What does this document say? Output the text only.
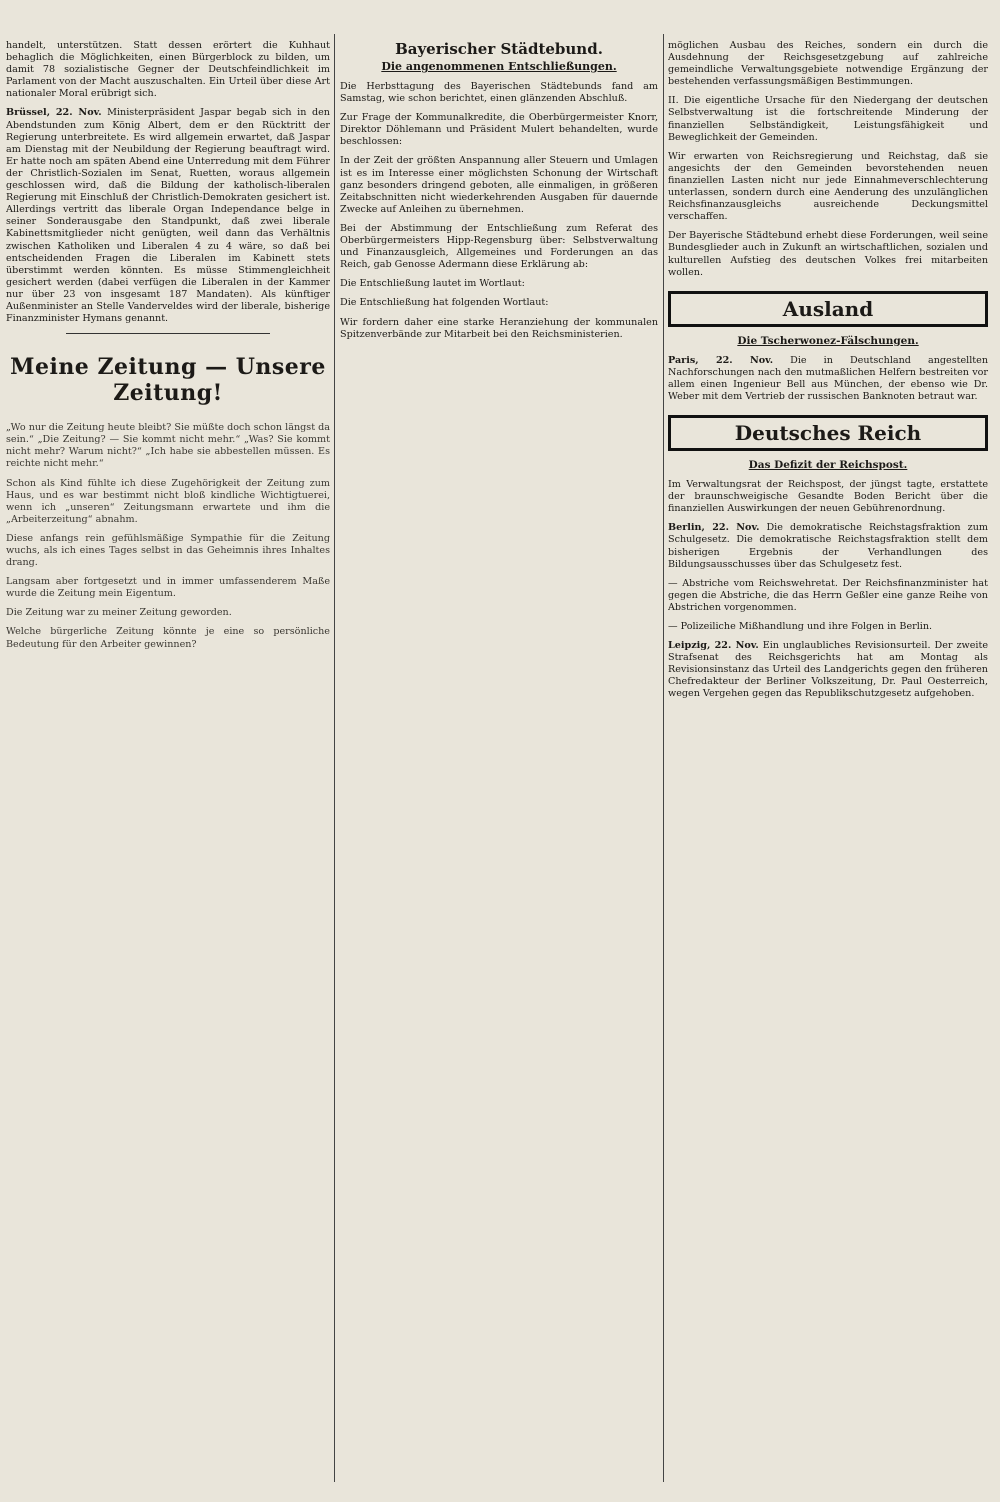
handelt, unterstützen. Statt dessen erörtert die Kuhhaut behaglich die Möglichkeiten, einen Bürgerblock zu bilden, um damit 78 sozialistische Gegner der Deutschfeindlichkeit im Parlament von der Macht auszuschalten. Ein Urteil über diese Art nationaler Moral erübrigt sich.

Brüssel, 22. Nov. Ministerpräsident Jaspar begab sich in den Abendstunden zum König Albert, dem er den Rücktritt der Regierung unterbreitete. Es wird allgemein erwartet, daß Jaspar am Dienstag mit der Neubildung der Regierung beauftragt wird. Er hatte noch am späten Abend eine Unterredung mit dem Führer der Christlich-Sozialen im Senat, Ruetten, woraus allgemein geschlossen wird, daß die Bildung der katholisch-liberalen Regierung mit Einschluß der Christlich-Demokraten gesichert ist. Allerdings vertritt das liberale Organ Independance belge in seiner Sonderausgabe den Standpunkt, daß zwei liberale Kabinettsmitglieder nicht genügten, weil dann das Verhältnis zwischen Katholiken und Liberalen 4 zu 4 wäre, so daß bei entscheidenden Fragen die Liberalen im Kabinett stets überstimmt werden könnten. Es müsse Stimmengleichheit gesichert werden (dabei verfügen die Liberalen in der Kammer nur über 23 von insgesamt 187 Mandaten). Als künftiger Außenminister an Stelle Vanderveldes wird der liberale, bisherige Finanzminister Hymans genannt.

Meine Zeitung — Unsere Zeitung!

„Wo nur die Zeitung heute bleibt? Sie müßte doch schon längst da sein.“ „Die Zeitung? — Sie kommt nicht mehr.“ „Was? Sie kommt nicht mehr? Warum nicht?“ „Ich habe sie abbestellen müssen. Es reichte nicht mehr.“

Schon als Kind fühlte ich diese Zugehörigkeit der Zeitung zum Haus, und es war bestimmt nicht bloß kindliche Wichtigtuerei, wenn ich „unseren“ Zeitungsmann erwartete und ihm die „Arbeiterzeitung“ abnahm.

Diese anfangs rein gefühlsmäßige Sympathie für die Zeitung wuchs, als ich eines Tages selbst in das Geheimnis ihres Inhaltes drang.

Langsam aber fortgesetzt und in immer umfassenderem Maße wurde die Zeitung mein Eigentum.

Die Zeitung war zu meiner Zeitung geworden.

Welche bürgerliche Zeitung könnte je eine so persönliche Bedeutung für den Arbeiter gewinnen?

Bayerischer Städtebund.
Die angenommenen Entschließungen.

Die Herbsttagung des Bayerischen Städtebunds fand am Samstag, wie schon berichtet, einen glänzenden Abschluß.

Zur Frage der Kommunalkredite, die Oberbürgermeister Knorr, Direktor Döhlemann und Präsident Mulert behandelten, wurde beschlossen:

In der Zeit der größten Anspannung aller Steuern und Umlagen ist es im Interesse einer möglichsten Schonung der Wirtschaft ganz besonders dringend geboten, alle einmaligen, in größeren Zeitabschnitten nicht wiederkehrenden Ausgaben für dauernde Zwecke auf Anleihen zu übernehmen.

Bei der Abstimmung der Entschließung zum Referat des Oberbürgermeisters Hipp-Regensburg über: Selbstverwaltung und Finanzausgleich, Allgemeines und Forderungen an das Reich, gab Genosse Adermann diese Erklärung ab:

Die Entschließung lautet im Wortlaut:

Die Entschließung hat folgenden Wortlaut:

Wir fordern daher eine starke Heranziehung der kommunalen Spitzenverbände zur Mitarbeit bei den Reichsministerien.

möglichen Ausbau des Reiches, sondern ein durch die Ausdehnung der Reichsgesetzgebung auf zahlreiche gemeindliche Verwaltungsgebiete notwendige Ergänzung der bestehenden verfassungsmäßigen Bestimmungen.

II. Die eigentliche Ursache für den Niedergang der deutschen Selbstverwaltung ist die fortschreitende Minderung der finanziellen Selbständigkeit, Leistungsfähigkeit und Beweglichkeit der Gemeinden.

Wir erwarten von Reichsregierung und Reichstag, daß sie angesichts der den Gemeinden bevorstehenden neuen finanziellen Lasten nicht nur jede Einnahmeverschlechterung unterlassen, sondern durch eine Aenderung des unzulänglichen Reichsfinanzausgleichs ausreichende Deckungsmittel verschaffen.

Der Bayerische Städtebund erhebt diese Forderungen, weil seine Bundesglieder auch in Zukunft an wirtschaftlichen, sozialen und kulturellen Aufstieg des deutschen Volkes frei mitarbeiten wollen.

Ausland
Die Tscherwonez-Fälschungen.

Paris, 22. Nov. Die in Deutschland angestellten Nachforschungen nach den mutmaßlichen Helfern bestreiten vor allem einen Ingenieur Bell aus München, der ebenso wie Dr. Weber mit dem Vertrieb der russischen Banknoten betraut war.

Deutsches Reich
Das Defizit der Reichspost.

Im Verwaltungsrat der Reichspost, der jüngst tagte, erstattete der braunschweigische Gesandte Boden Bericht über die finanziellen Auswirkungen der neuen Gebührenordnung.

Berlin, 22. Nov. Die demokratische Reichstagsfraktion zum Schulgesetz. Die demokratische Reichstagsfraktion stellt dem bisherigen Ergebnis der Verhandlungen des Bildungsausschusses über das Schulgesetz fest.

— Abstriche vom Reichswehretat. Der Reichsfinanzminister hat gegen die Abstriche, die das Herrn Geßler eine ganze Reihe von Abstrichen vorgenommen.

— Polizeiliche Mißhandlung und ihre Folgen in Berlin.

Leipzig, 22. Nov. Ein unglaubliches Revisionsurteil. Der zweite Strafsenat des Reichsgerichts hat am Montag als Revisionsinstanz das Urteil des Landgerichts gegen den früheren Chefredakteur der Berliner Volkszeitung, Dr. Paul Oesterreich, wegen Vergehen gegen das Republikschutzgesetz aufgehoben.
